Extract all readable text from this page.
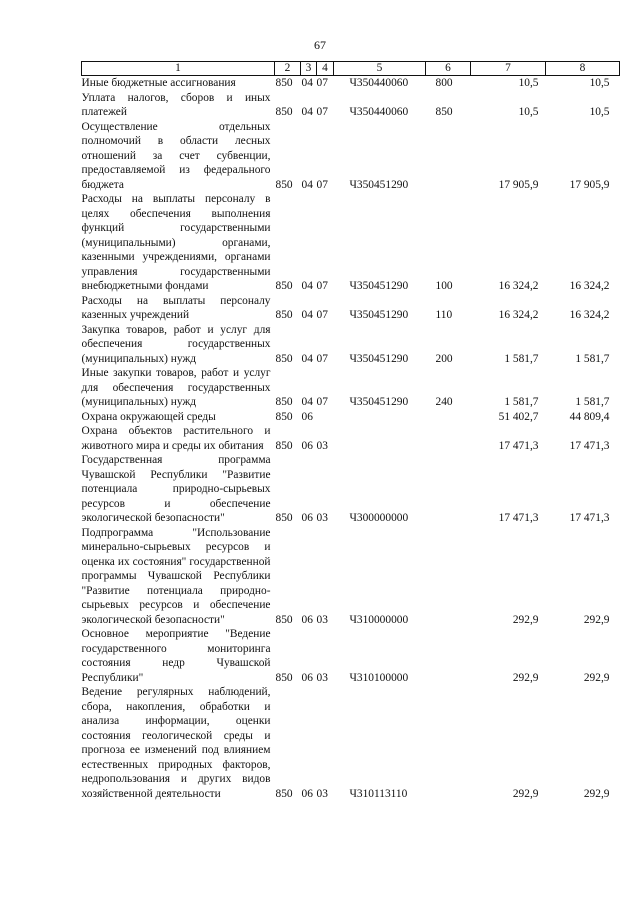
67
1	2	3	4	5	6	7	8
Иные бюджетные ассигнования	850	04	07	Ч350440060	800	10,5	10,5
Уплата налогов, сборов и иных платежей	850	04	07	Ч350440060	850	10,5	10,5
Осуществление отдельных полномочий в области лесных отношений за счет субвенции, предоставляемой из федерального бюджета	850	04	07	Ч350451290		17 905,9	17 905,9
Расходы на выплаты персоналу в целях обеспечения выполнения функций государственными (муниципальными) органами, казенными учреждениями, органами управления государственными внебюджетными фондами	850	04	07	Ч350451290	100	16 324,2	16 324,2
Расходы на выплаты персоналу казенных учреждений	850	04	07	Ч350451290	110	16 324,2	16 324,2
Закупка товаров, работ и услуг для обеспечения государственных (муниципальных) нужд	850	04	07	Ч350451290	200	1 581,7	1 581,7
Иные закупки товаров, работ и услуг для обеспечения государственных (муниципальных) нужд	850	04	07	Ч350451290	240	1 581,7	1 581,7
Охрана окружающей среды	850	06				51 402,7	44 809,4
Охрана объектов растительного и животного мира и среды их обитания	850	06	03			17 471,3	17 471,3
Государственная программа Чувашской Республики "Развитие потенциала природно-сырьевых ресурсов и обеспечение экологической безопасности"	850	06	03	Ч300000000		17 471,3	17 471,3
Подпрограмма "Использование минерально-сырьевых ресурсов и оценка их состояния" государственной программы Чувашской Республики "Развитие потенциала природно-сырьевых ресурсов и обеспечение экологической безопасности"	850	06	03	Ч310000000		292,9	292,9
Основное мероприятие "Ведение государственного мониторинга состояния недр Чувашской Республики"	850	06	03	Ч310100000		292,9	292,9
Ведение регулярных наблюдений, сбора, накопления, обработки и анализа информации, оценки состояния геологической среды и прогноза ее изменений под влиянием естественных природных факторов, недропользования и других видов хозяйственной деятельности	850	06	03	Ч310113110		292,9	292,9
